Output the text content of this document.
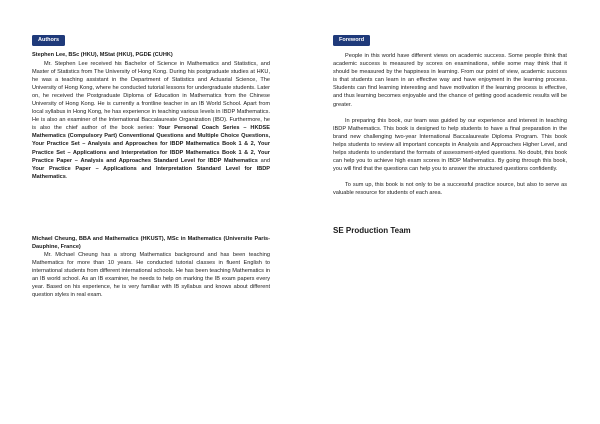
Authors
Stephen Lee, BSc (HKU), MStat (HKU), PGDE (CUHK)

Mr. Stephen Lee received his Bachelor of Science in Mathematics and Statistics, and Master of Statistics from The University of Hong Kong. During his postgraduate studies at HKU, he was a teaching assistant in the Department of Statistics and Actuarial Science, The University of Hong Kong, where he conducted tutorial lessons for undergraduate students. Later on, he received the Postgraduate Diploma of Education in Mathematics from the Chinese University of Hong Kong. He is currently a frontline teacher in an IB World School. Apart from local syllabus in Hong Kong, he has experience in teaching various levels in IBDP Mathematics. He is also an examiner of the International Baccalaureate Organization (IBO). Furthermore, he is also the chief author of the book series: Your Personal Coach Series – HKDSE Mathematics (Compulsory Part) Conventional Questions and Multiple Choice Questions, Your Practice Set – Analysis and Approaches for IBDP Mathematics Book 1 & 2, Your Practice Set – Applications and Interpretation for IBDP Mathematics Book 1 & 2, Your Practice Paper – Analysis and Approaches Standard Level for IBDP Mathematics and Your Practice Paper – Applications and Interpretation Standard Level for IBDP Mathematics.

Michael Cheung, BBA and Mathematics (HKUST), MSc in Mathematics (Universite Paris-Dauphine, France)

Mr. Michael Cheung has a strong Mathematics background and has been teaching Mathematics for more than 10 years. He conducted tutorial classes in fluent English to international students from different international schools. He has been teaching Mathematics in an IB world school. As an IB examiner, he needs to help on marking the IB exam papers every year. Based on his experience, he is very familiar with IB syllabus and knows about different question styles in real exam.

Foreword

People in this world have different views on academic success. Some people think that academic success is measured by scores on examinations, while some may think that it should be measured by the happiness in learning. From our point of view, academic success is that students can learn in an effective way and have enjoyment in the learning process. Students can find learning interesting and have motivation if the learning process is effective, and thus learning becomes enjoyable and the chance of getting good academic results will be greater.

In preparing this book, our team was guided by our experience and interest in teaching IBDP Mathematics. This book is designed to help students to have a final preparation in the brand new challenging two-year International Baccalaureate Diploma Program. This book helps students to review all important concepts in Analysis and Approaches Higher Level, and helps students to understand the formats of assessment-styled questions. No doubt, this book can help you to achieve high exam scores in IBDP Mathematics. By going through this book, you will find that the questions can help you to answer the structured questions confidently.

To sum up, this book is not only to be a successful practice source, but also to serve as valuable resource for students of each area.

SE Production Team
